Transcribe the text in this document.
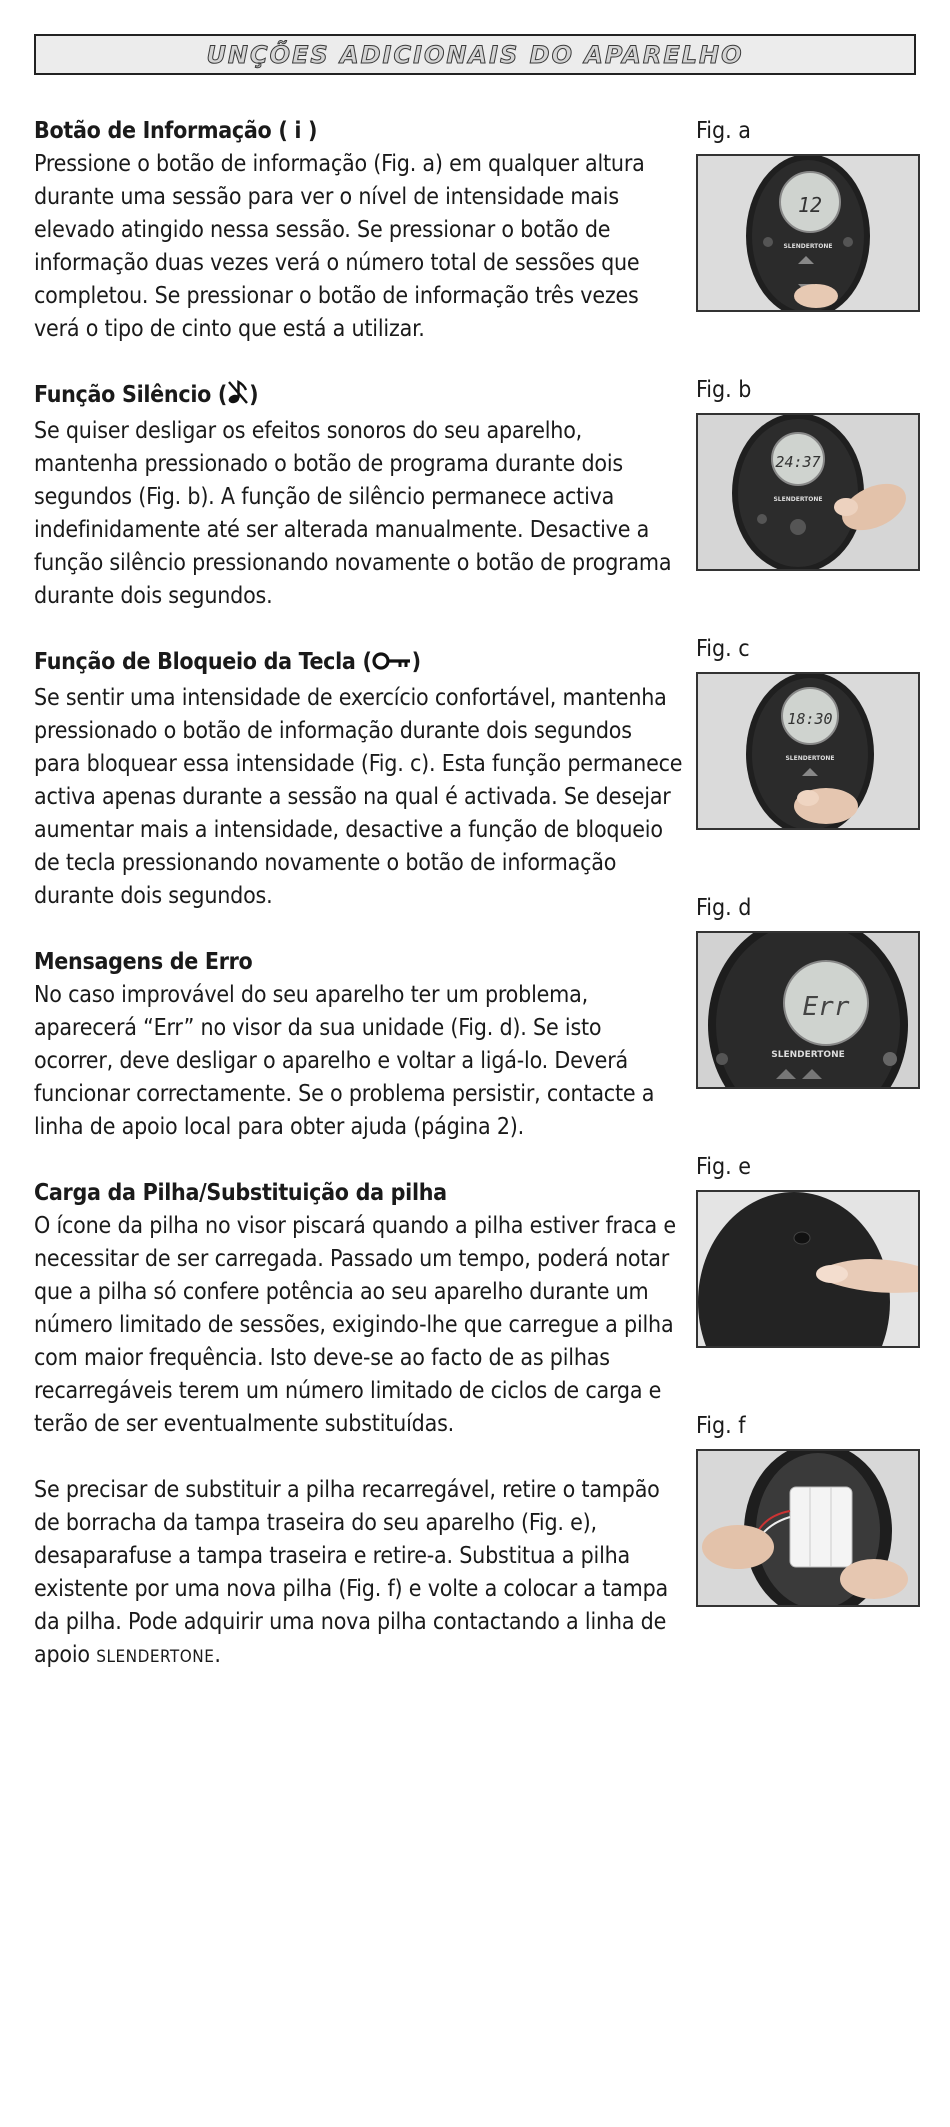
UNÇÕES ADICIONAIS DO APARELHO

Botão de Informação ( i )

Pressione o botão de informação (Fig. a) em qualquer altura durante uma sessão para ver o nível de intensidade mais elevado atingido nessa sessão. Se pressionar o botão de informação duas vezes verá o número total de sessões que completou. Se pressionar o botão de informação três vezes verá o tipo de cinto que está a utilizar.

Função Silêncio ( )

Se quiser desligar os efeitos sonoros do seu aparelho, mantenha pressionado o botão de programa durante dois segundos (Fig. b). A função de silêncio permanece activa indefinidamente até ser alterada manualmente. Desactive a função silêncio pressionando novamente o botão de programa durante dois segundos.

Função de Bloqueio da Tecla ( )

Se sentir uma intensidade de exercício confortável, mantenha pressionado o botão de informação durante dois segundos para bloquear essa intensidade (Fig. c). Esta função permanece activa apenas durante a sessão na qual é activada. Se desejar aumentar mais a intensidade, desactive a função de bloqueio de tecla pressionando novamente o botão de informação durante dois segundos.

Mensagens de Erro

No caso improvável do seu aparelho ter um problema, aparecerá “Err” no visor da sua unidade (Fig. d). Se isto ocorrer, deve desligar o aparelho e voltar a ligá-lo. Deverá funcionar correctamente. Se o problema persistir, contacte a linha de apoio local para obter ajuda (página 2).

Carga da Pilha/Substituição da pilha

O ícone da pilha no visor piscará quando a pilha estiver fraca e necessitar de ser carregada. Passado um tempo, poderá notar que a pilha só confere potência ao seu aparelho durante um número limitado de sessões, exigindo-lhe que carregue a pilha com maior frequência. Isto deve-se ao facto de as pilhas recarregáveis terem um número limitado de ciclos de carga e terão de ser eventualmente substituídas.

Se precisar de substituir a pilha recarregável, retire o tampão de borracha da tampa traseira do seu aparelho (Fig. e), desaparafuse a tampa traseira e retire-a. Substitua a pilha existente por uma nova pilha (Fig. f) e volte a colocar a tampa da pilha. Pode adquirir uma nova pilha contactando a linha de apoio SLENDERTONE.

Fig. a

12
SLENDERTONE

Fig. b

24:37
SLENDERTONE

Fig. c

18:30
SLENDERTONE

Fig. d

Err
SLENDERTONE

Fig. e

Fig. f
